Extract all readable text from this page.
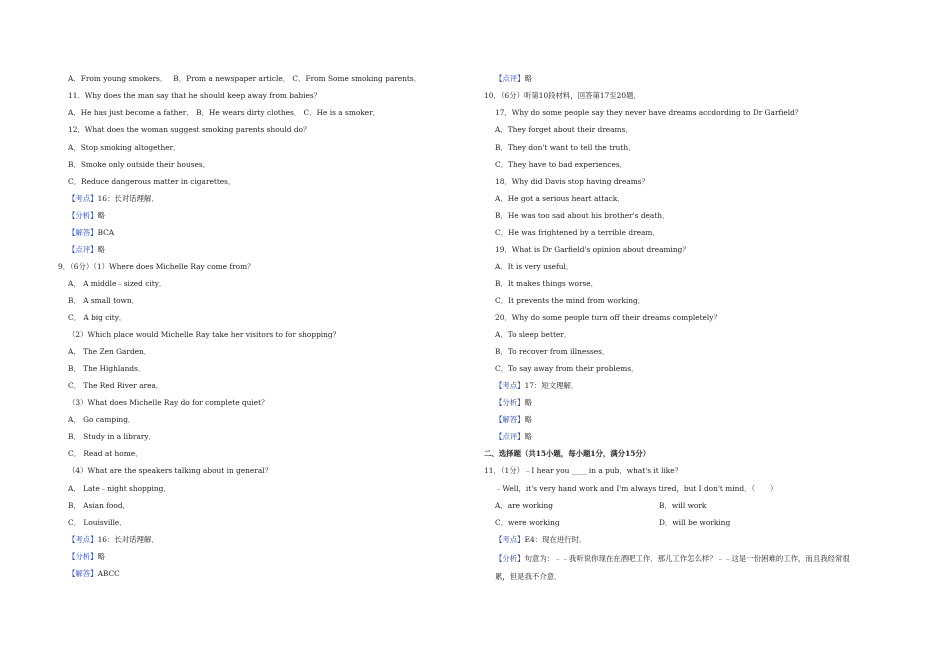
A．From young smokers．　 B．Prom a newspaper article． C．From Some smoking parents．
11．Why does the man say that he should keep away from babies？
A．He has just become a father． B．He wears dirty clothes． C．He is a smoker．
12．What does the woman suggest smoking parents should do？
A．Stop smoking altogether．
B．Smoke only outside their houses．
C．Reduce dangerous matter in cigarettes．
【考点】16：长对话理解．
【分析】略
【解答】BCA
【点评】略
9．（6分）（1）Where does Michelle Ray come from？
A． A middle﹣sized city．
B． A small town．
C． A big city．
（2）Which place would Michelle Ray take her visitors to for shopping？
A． The Zen Garden．
B． The Highlands．
C． The Red River area．
（3）What does Michelle Ray do for complete quiet？
A． Go camping．
B． Study in a library．
C． Read at home．
（4）What are the speakers talking about in general？
A． Late﹣night shopping．
B． Asian food．
C． Louisville．
【考点】16：长对话理解．
【分析】略
【解答】ABCC
【点评】略
10．（6分）听第10段材料，回答第17至20题．
17．Why do some people say they never have dreams accdording to Dr Garfield？
A．They forget about their dreams．
B．They don't want to tell the truth．
C．They have to bad experiences．
18．Why did Davis stop having dreams？
A．He got a serious heart attack．
B．He was too sad about his brother's death．
C．He was frightened by a terrible dream．
19．What is Dr Garfield's opinion about dreaming？
A．It is very useful．
B．It makes things worse．
C．It prevents the mind from working．
20．Why do some people turn off their dreams completely？
A．To sleep better．
B．To recover from illnesses．
C．To say away from their problems．
【考点】17：短文理解．
【分析】略
【解答】略
【点评】略
二、选择题（共15小题，每小题1分，满分15分）
11．（1分）﹣I hear you ____ in a pub．what's it like？
﹣Well，it's very hand work and I'm always tired，but I don't mind．（　　）
A．are working	B．will work
C．were working	D．will be working
【考点】E4：现在进行时．
【分析】句意为：﹣﹣我听说你现在在酒吧工作．那儿工作怎么样？﹣﹣这是一份困难的工作，而且我经常很
累，但是我不介意．
